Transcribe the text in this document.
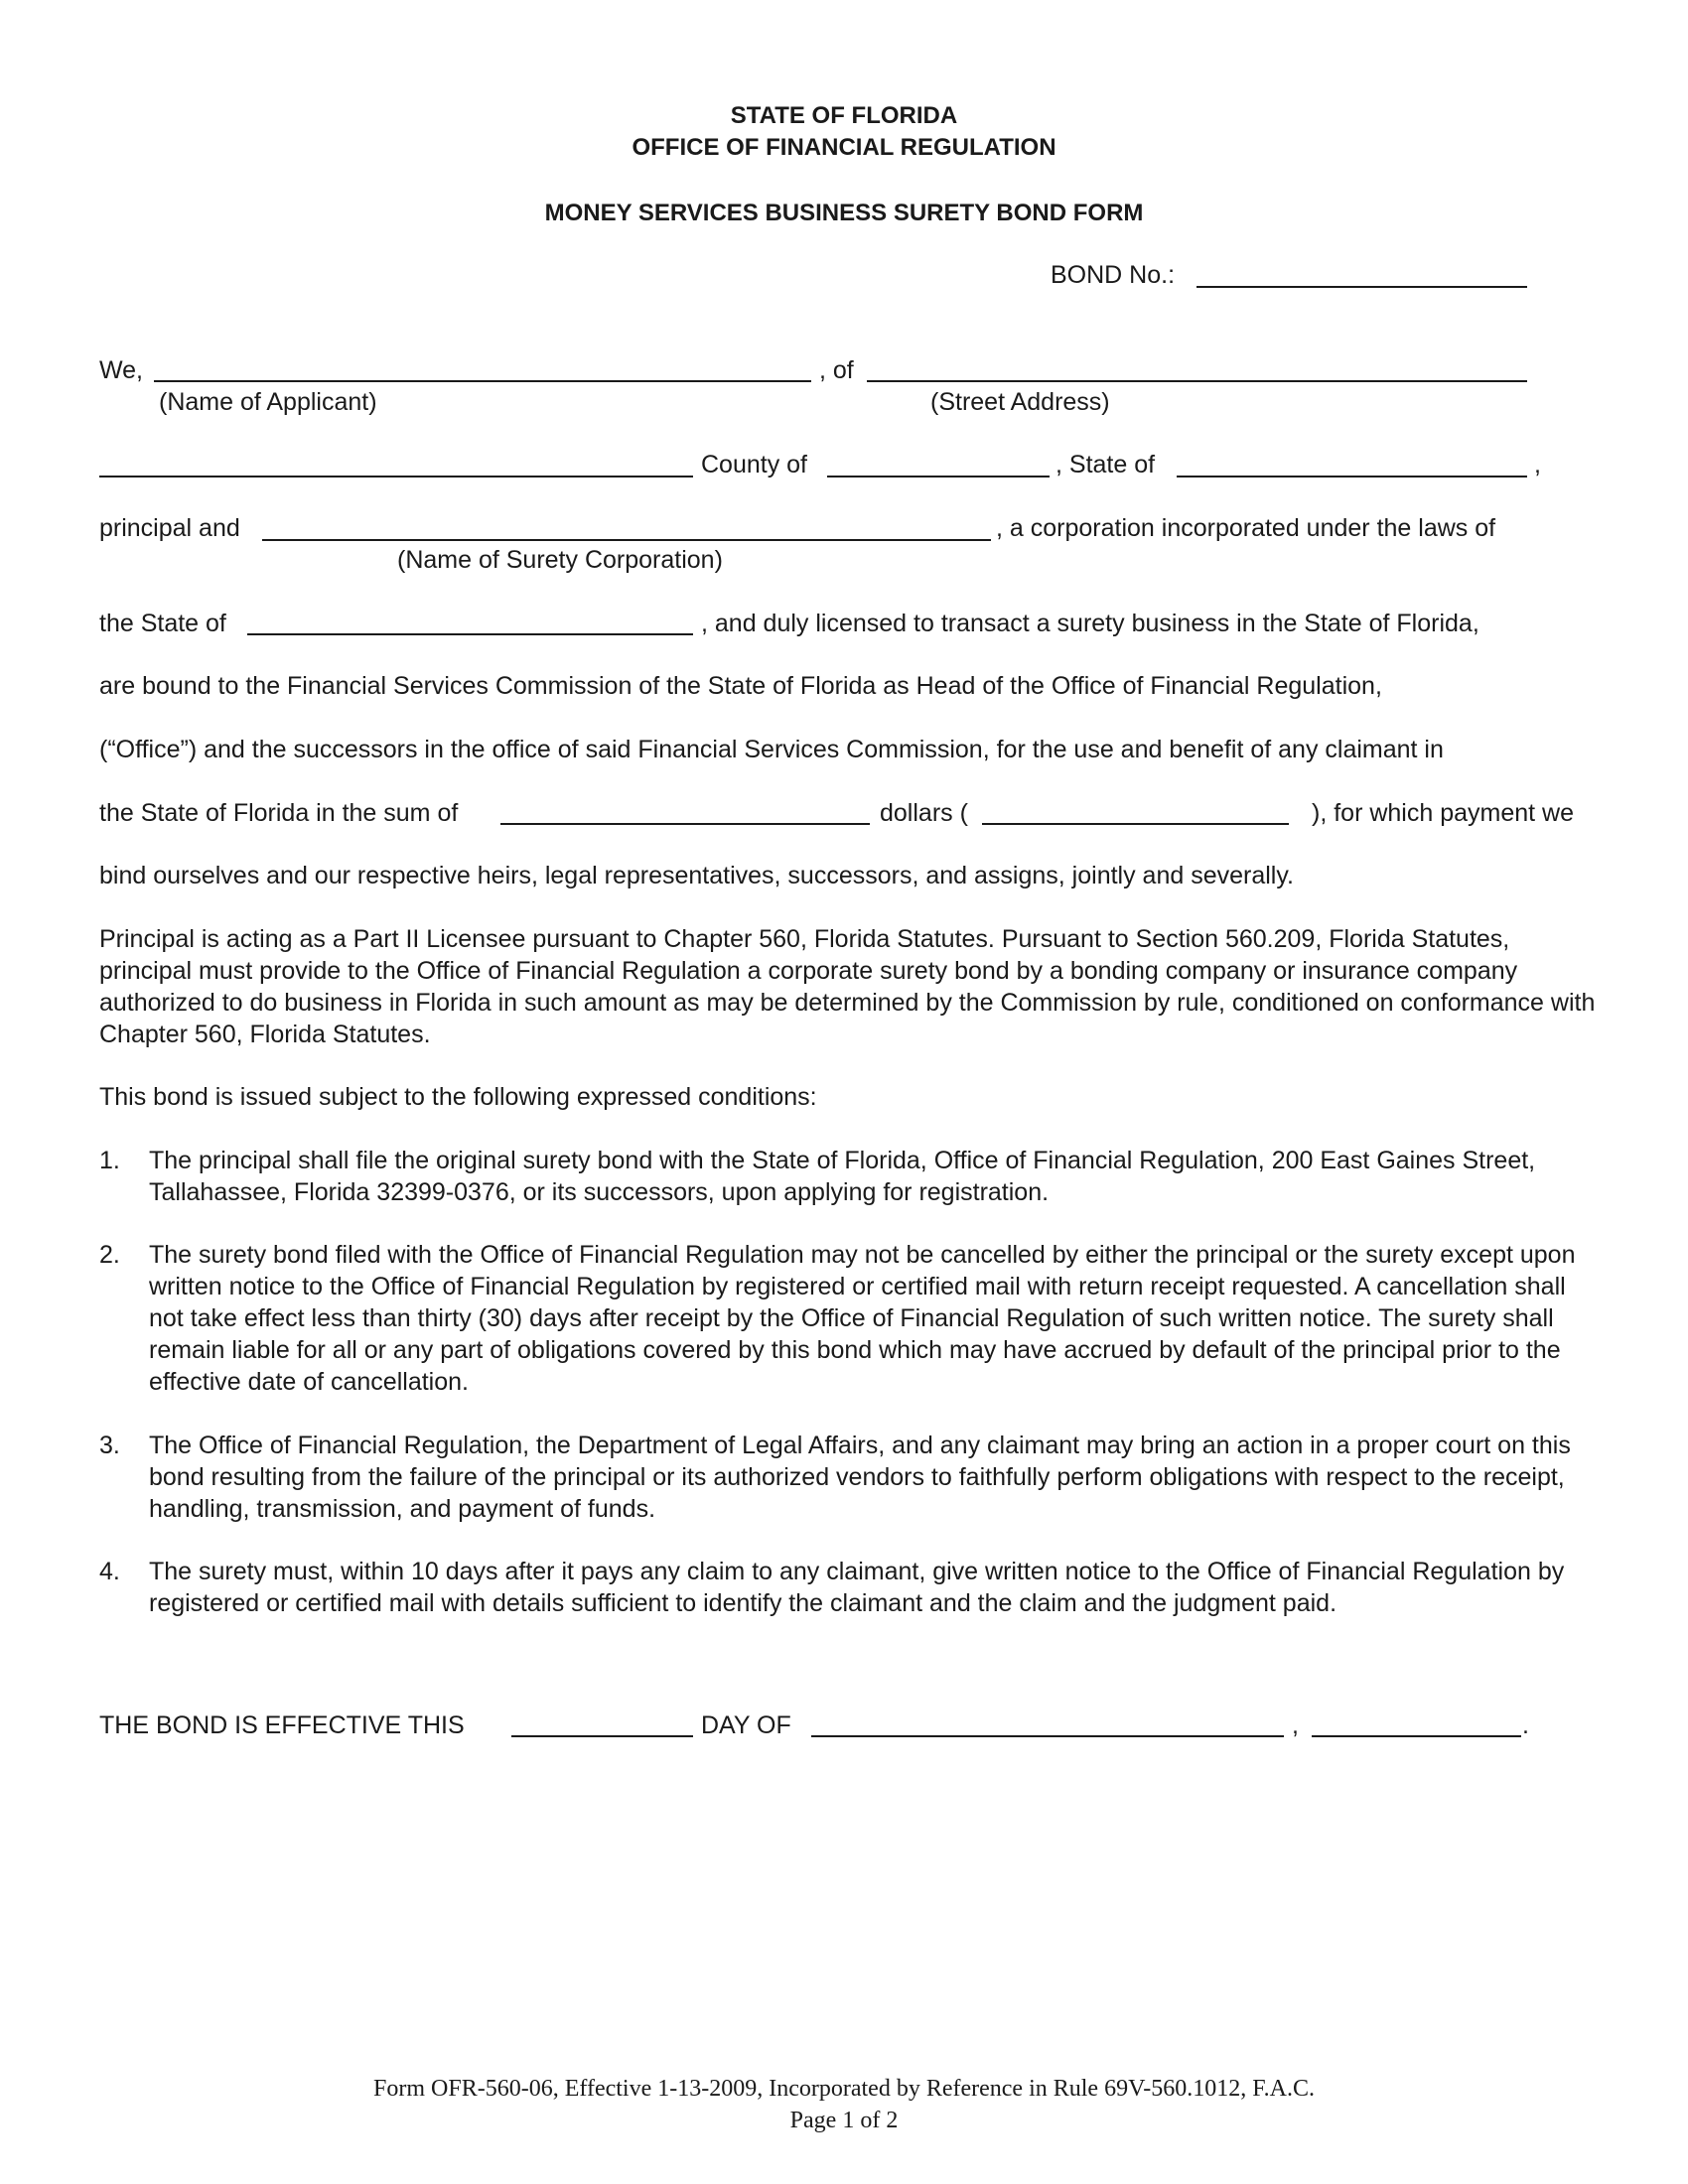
STATE OF FLORIDA
OFFICE OF FINANCIAL REGULATION
MONEY SERVICES BUSINESS SURETY BOND FORM
BOND No.:
We,	, of
(Name of Applicant)	(Street Address)
County of	, State of	,
principal and	, a corporation incorporated under the laws of
(Name of Surety Corporation)
the State of	, and duly licensed to transact a surety business in the State of Florida,
are bound to the Financial Services Commission of the State of Florida as Head of the Office of Financial Regulation,
(“Office”) and the successors in the office of said Financial Services Commission, for the use and benefit of any claimant in
the State of Florida in the sum of	dollars (	), for which payment we
bind ourselves and our respective heirs, legal representatives, successors, and assigns, jointly and severally.
Principal is acting as a Part II Licensee pursuant to Chapter 560, Florida Statutes. Pursuant to Section 560.209, Florida Statutes, principal must provide to the Office of Financial Regulation a corporate surety bond by a bonding company or insurance company authorized to do business in Florida in such amount as may be determined by the Commission by rule, conditioned on conformance with Chapter 560, Florida Statutes.
This bond is issued subject to the following expressed conditions:
1. The principal shall file the original surety bond with the State of Florida, Office of Financial Regulation, 200 East Gaines Street, Tallahassee, Florida 32399-0376, or its successors, upon applying for registration.
2. The surety bond filed with the Office of Financial Regulation may not be cancelled by either the principal or the surety except upon written notice to the Office of Financial Regulation by registered or certified mail with return receipt requested. A cancellation shall not take effect less than thirty (30) days after receipt by the Office of Financial Regulation of such written notice. The surety shall remain liable for all or any part of obligations covered by this bond which may have accrued by default of the principal prior to the effective date of cancellation.
3. The Office of Financial Regulation, the Department of Legal Affairs, and any claimant may bring an action in a proper court on this bond resulting from the failure of the principal or its authorized vendors to faithfully perform obligations with respect to the receipt, handling, transmission, and payment of funds.
4. The surety must, within 10 days after it pays any claim to any claimant, give written notice to the Office of Financial Regulation by registered or certified mail with details sufficient to identify the claimant and the claim and the judgment paid.
THE BOND IS EFFECTIVE THIS	DAY OF	,	.
Form OFR-560-06, Effective 1-13-2009, Incorporated by Reference in Rule 69V-560.1012, F.A.C.
Page 1 of 2
